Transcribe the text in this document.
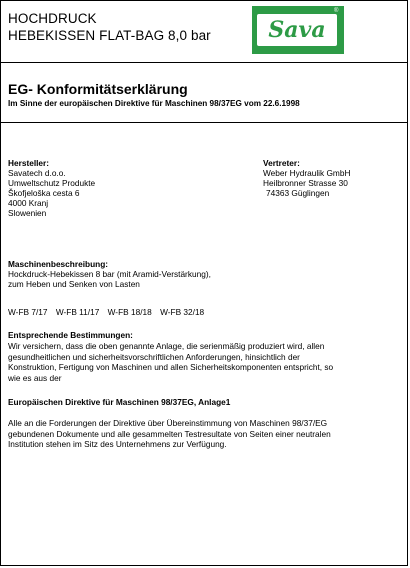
HOCHDRUCK
HEBEKISSEN FLAT-BAG 8,0 bar	Sava
®
EG- Konformitätserklärung
Im Sinne der europäischen Direktive für Maschinen 98/37EG vom 22.6.1998
Hersteller:
Savatech d.o.o.
Umweltschutz Produkte
Škofjeloška cesta 6
4000 Kranj
Slowenien
Vertreter:
Weber Hydraulik GmbH
Heilbronner Strasse 30
74363 Güglingen
Maschinenbeschreibung:
Hockdruck-Hebekissen 8 bar (mit Aramid-Verstärkung),
zum Heben und Senken von Lasten
W-FB 7/17 W-FB 11/17 W-FB 18/18 W-FB 32/18
Entsprechende Bestimmungen:
Wir versichern, dass die oben genannte Anlage, die serienmäßig produziert wird, allen
gesundheitlichen und sicherheitsvorschriftlichen Anforderungen, hinsichtlich der
Konstruktion, Fertigung von Maschinen und allen Sicherheitskomponenten entspricht, so
wie es aus der
Europäischen Direktive für Maschinen 98/37EG, Anlage1
Alle an die Forderungen der Direktive über Übereinstimmung von Maschinen 98/37/EG
gebundenen Dokumente und alle gesammelten Testresultate von Seiten einer neutralen
Institution stehen im Sitz des Unternehmens zur Verfügung.
